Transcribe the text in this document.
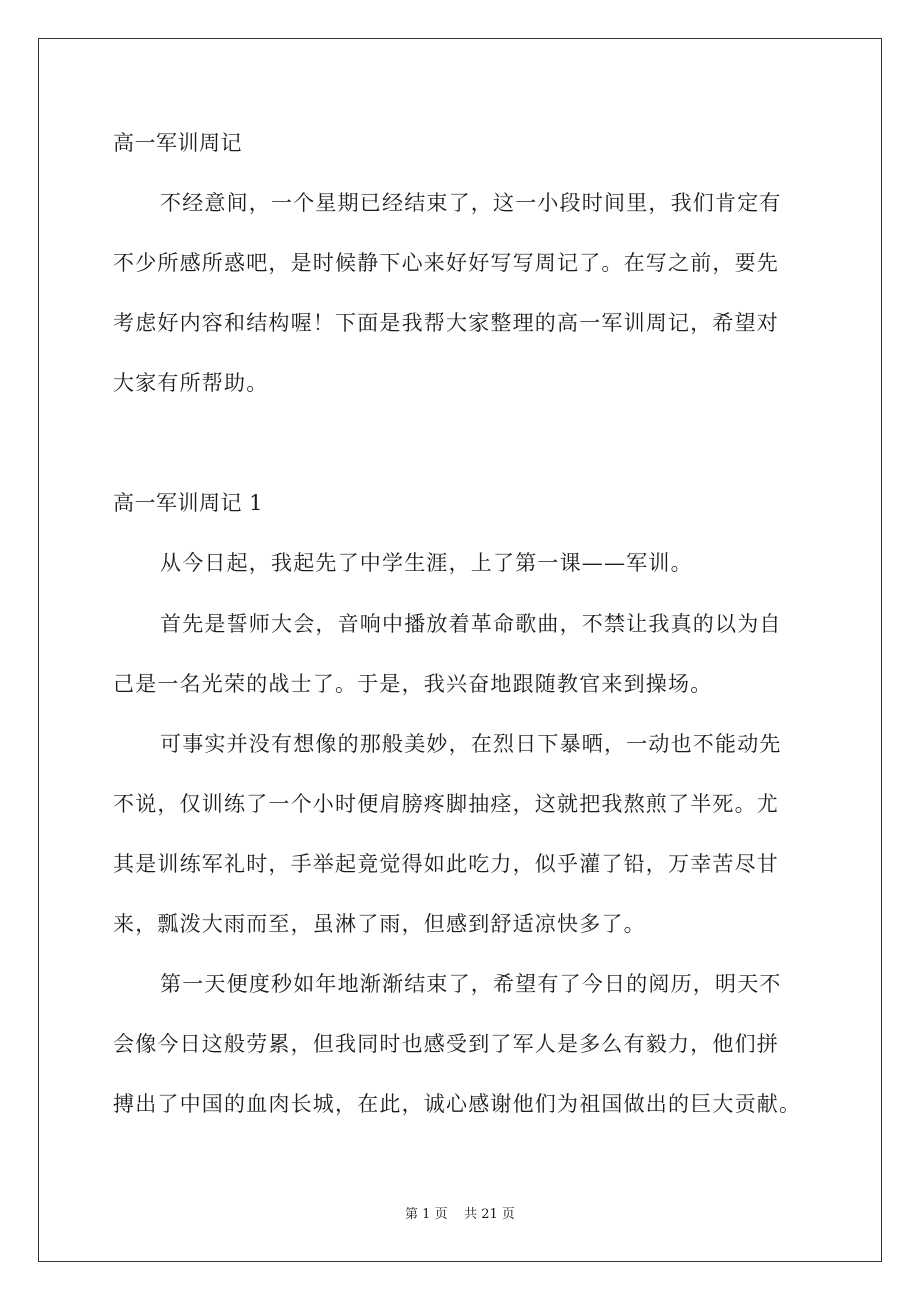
高一军训周记
不经意间，一个星期已经结束了，这一小段时间里，我们肯定有
不少所感所惑吧，是时候静下心来好好写写周记了。在写之前，要先
考虑好内容和结构喔！下面是我帮大家整理的高一军训周记，希望对
大家有所帮助。
高一军训周记 1
从今日起，我起先了中学生涯，上了第一课——军训。
首先是誓师大会，音响中播放着革命歌曲，不禁让我真的以为自
己是一名光荣的战士了。于是，我兴奋地跟随教官来到操场。
可事实并没有想像的那般美妙，在烈日下暴晒，一动也不能动先
不说，仅训练了一个小时便肩膀疼脚抽痉，这就把我熬煎了半死。尤
其是训练军礼时，手举起竟觉得如此吃力，似乎灌了铅，万幸苦尽甘
来，瓢泼大雨而至，虽淋了雨，但感到舒适凉快多了。
第一天便度秒如年地渐渐结束了，希望有了今日的阅历，明天不
会像今日这般劳累，但我同时也感受到了军人是多么有毅力，他们拼
搏出了中国的血肉长城，在此，诚心感谢他们为祖国做出的巨大贡献。
第 1 页 共 21 页
